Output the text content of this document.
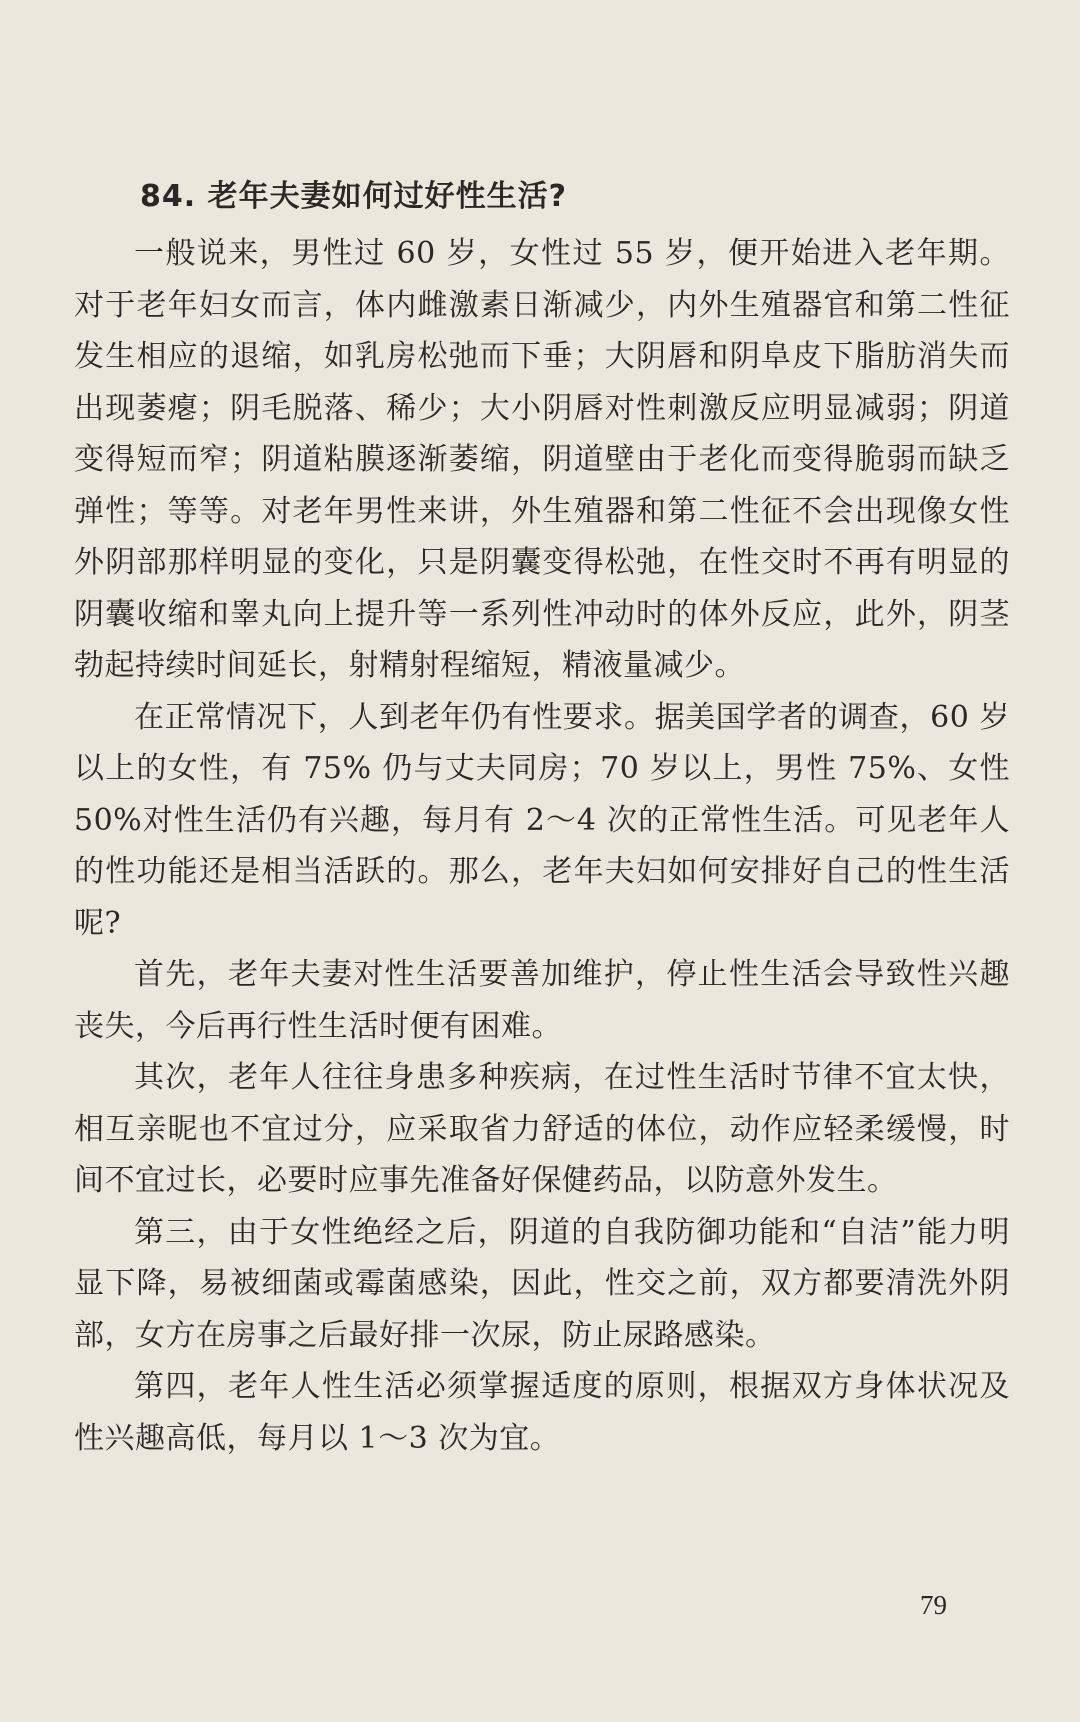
84. 老年夫妻如何过好性生活?

一般说来，男性过 60 岁，女性过 55 岁，便开始进入老年期。对于老年妇女而言，体内雌激素日渐减少，内外生殖器官和第二性征发生相应的退缩，如乳房松弛而下垂；大阴唇和阴阜皮下脂肪消失而出现萎瘪；阴毛脱落、稀少；大小阴唇对性刺激反应明显减弱；阴道变得短而窄；阴道粘膜逐渐萎缩，阴道壁由于老化而变得脆弱而缺乏弹性；等等。对老年男性来讲，外生殖器和第二性征不会出现像女性外阴部那样明显的变化，只是阴囊变得松弛，在性交时不再有明显的阴囊收缩和睾丸向上提升等一系列性冲动时的体外反应，此外，阴茎勃起持续时间延长，射精射程缩短，精液量减少。

在正常情况下，人到老年仍有性要求。据美国学者的调查，60 岁以上的女性，有 75% 仍与丈夫同房；70 岁以上，男性 75%、女性 50%对性生活仍有兴趣，每月有 2～4 次的正常性生活。可见老年人的性功能还是相当活跃的。那么，老年夫妇如何安排好自己的性生活呢?

首先，老年夫妻对性生活要善加维护，停止性生活会导致性兴趣丧失，今后再行性生活时便有困难。

其次，老年人往往身患多种疾病，在过性生活时节律不宜太快，相互亲昵也不宜过分，应采取省力舒适的体位，动作应轻柔缓慢，时间不宜过长，必要时应事先准备好保健药品，以防意外发生。

第三，由于女性绝经之后，阴道的自我防御功能和“自洁”能力明显下降，易被细菌或霉菌感染，因此，性交之前，双方都要清洗外阴部，女方在房事之后最好排一次尿，防止尿路感染。

第四，老年人性生活必须掌握适度的原则，根据双方身体状况及性兴趣高低，每月以 1～3 次为宜。

79
